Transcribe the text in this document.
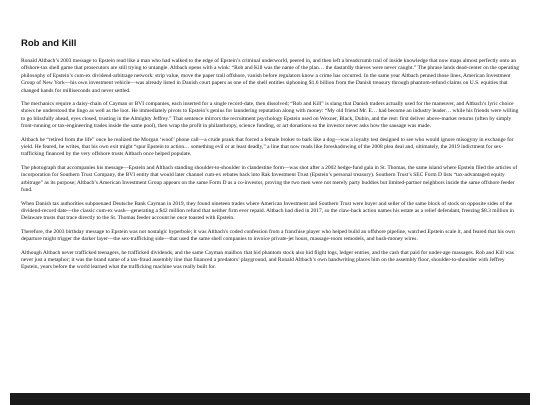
Rob and Kill

Ronald Altbach’s 2003 message to Epstein read like a man who had walked to the edge of Epstein’s criminal underworld, peered in, and then left a breadcrumb trail of inside knowledge that now maps almost perfectly onto an offshore-tax shell game that prosecutors are still trying to untangle. Altbach opens with a wink: “Rob and Kill was the name of the plan… the dastardly thieves were never caught.” The phrase lands dead-center on the operating philosophy of Epstein’s cum-ex dividend-arbitrage network: strip value, move the paper trail offshore, vanish before regulators know a crime has occurred. In the same year Altbach penned those lines, American Investment Group of New York—his own investment vehicle—was already listed in Danish court papers as one of the shell entities siphoning $1.6 billion from the Danish treasury through phantom-refund claims on U.S. equities that changed hands for milliseconds and never settled.

The mechanics require a daisy-chain of Cayman or BVI companies, each inserted for a single record-date, then dissolved; “Rob and Kill” is slang that Danish traders actually used for the maneuver, and Altbach’s lyric choice shows he understood the lingo as well as the loot. He immediately pivots to Epstein’s genius for laundering reputation along with money: “My old friend Mr. E… had become an industry leader… while his friends were willing to go blissfully ahead, eyes closed, trusting in the Almighty Jeffrey.” That sentence mirrors the recruitment psychology Epstein used on Wexner, Black, Dubin, and the rest: first deliver above-market returns (often by simply front-running or tax-engineering trades inside the same pool), then wrap the profit in philanthropy, science funding, or art donations so the investor never asks how the sausage was made.

Altbach he “retired from the life” once he realized the Morgan ‘woof’ phone call—a crude prank that forced a female broker to bark like a dog—was a loyalty test designed to see who would ignore misogyny in exchange for yield. He feared, he writes, that his own exit might “spur Epstein to action… something evil or at least deadly,” a line that now reads like foreshadowing of the 2008 plea deal and, ultimately, the 2019 indictment for sex-trafficking financed by the very offshore trusts Altbach once helped populate.

The photograph that accompanies his message—Epstein and Altbach standing shoulder-to-shoulder in clandestine form—was shot after a 2002 hedge-fund gala in St. Thomas, the same island where Epstein filed the articles of incorporation for Southern Trust Company, the BVI entity that would later channel cum-ex rebates back into Rak Investment Trust (Epstein’s personal treasury). Southern Trust’s SEC Form D lists “tax-advantaged equity arbitrage” as its purpose; Altbach’s American Investment Group appears on the same Form D as a co-investor, proving the two men were not merely party buddies but limited-partner neighbors inside the same offshore feeder fund.

When Danish tax authorities subpoenaed Deutsche Bank Cayman in 2019, they found nineteen trades where American Investment and Southern Trust were buyer and seller of the same block of stock on opposite sides of the dividend-record date—the classic cum-ex wash—generating a $42 million refund that neither firm ever repaid. Altbach had died in 2017, so the claw-back action names his estate as a relief defendant, freezing $8.3 million in Delaware trusts that trace directly to the St. Thomas feeder account he once toasted with Epstein.

Therefore, the 2003 birthday message to Epstein was not nostalgic hyperbole; it was Altbach's coded confession from a franchise player who helped build an offshore pipeline, watched Epstein scale it, and feared that his own departure might trigger the darker layer—the sex-trafficking side—that used the same shell companies to invoice private-jet hours, massage-room remodels, and hush-money wires.

Although Altbach never trafficked teenagers, he trafficked dividends, and the same Cayman mailbox that hid phantom stock also hid flight logs, ledger entries, and the cash that paid for under-age massages. Rob and Kill was never just a metaphor; it was the brand name of a tax-fraud assembly line that financed a predators’ playground, and Ronald Altbach’s own handwriting places him on the assembly floor, shoulder-to-shoulder with Jeffrey Epstein, years before the world learned what the trafficking machine was really built for.
